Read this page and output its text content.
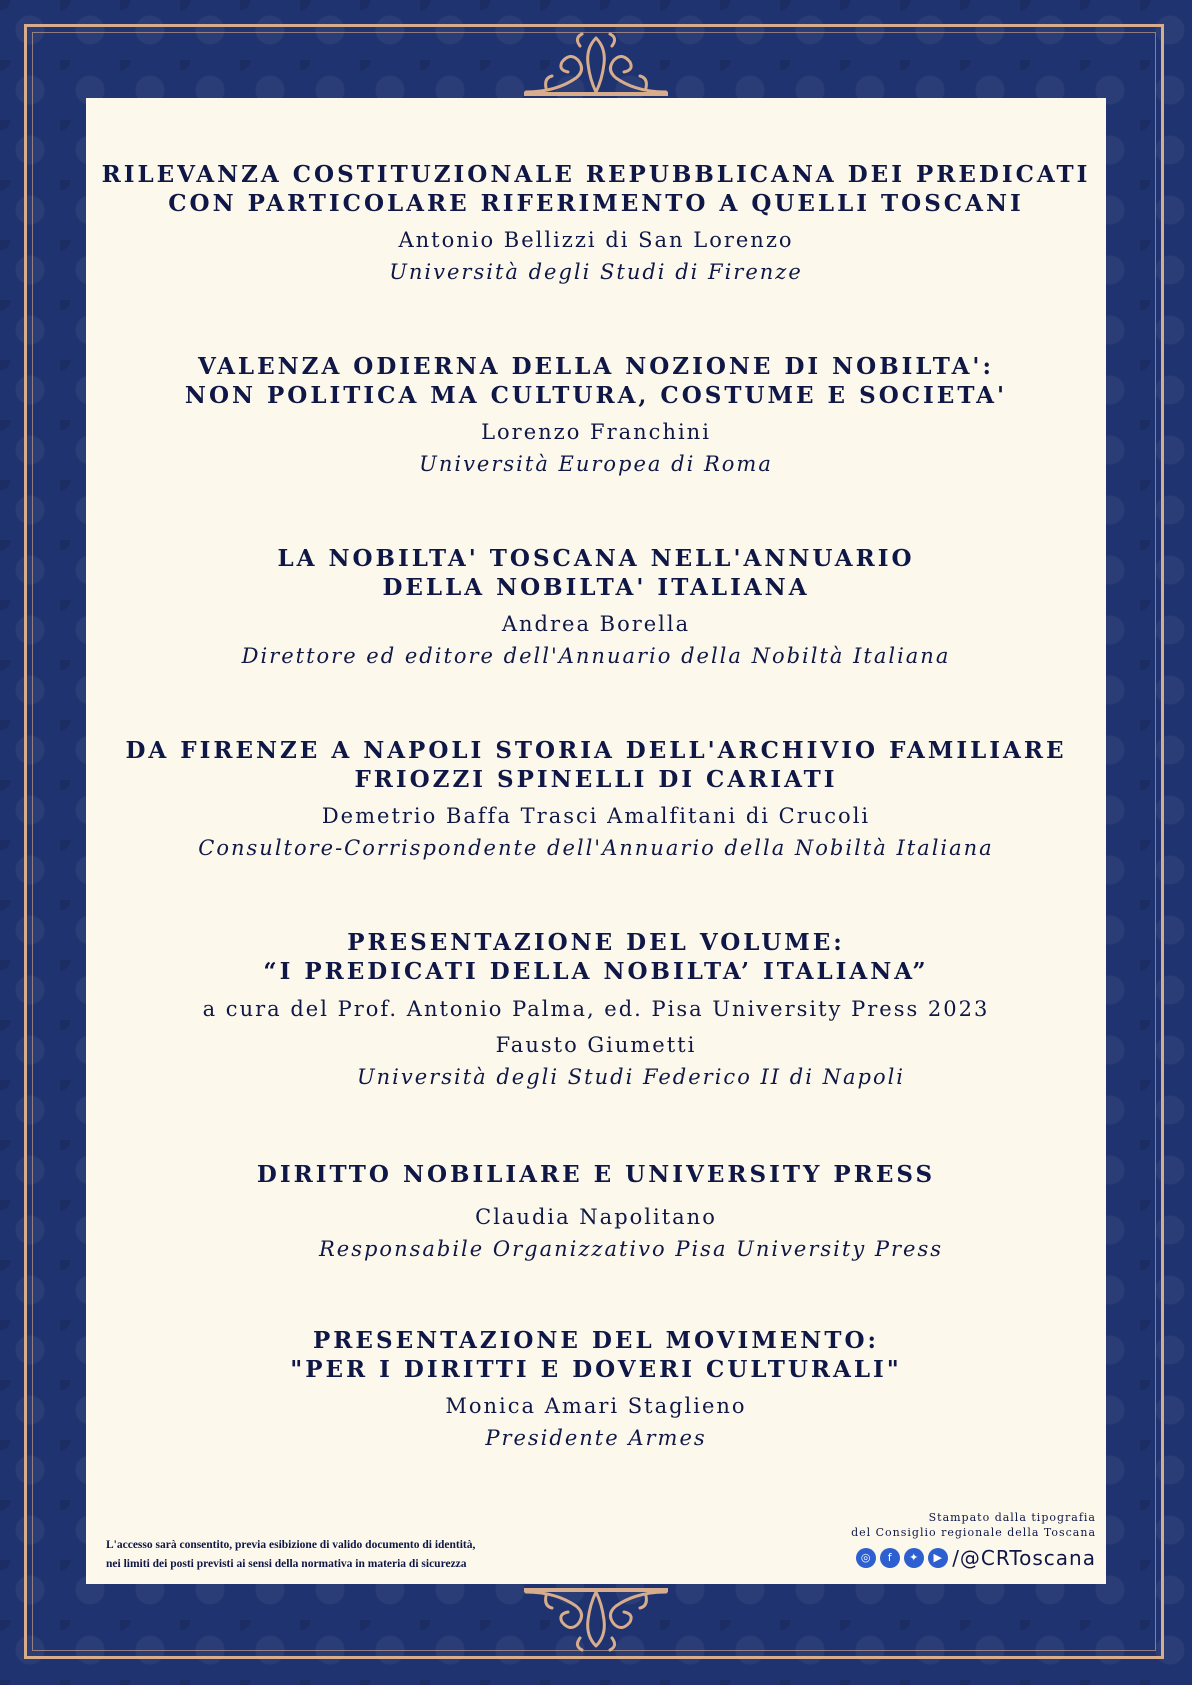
RILEVANZA COSTITUZIONALE REPUBBLICANA DEI PREDICATI
CON PARTICOLARE RIFERIMENTO A QUELLI TOSCANI

Antonio Bellizzi di San Lorenzo
Università degli Studi di Firenze

VALENZA ODIERNA DELLA NOZIONE DI NOBILTA':
NON POLITICA MA CULTURA, COSTUME E SOCIETA'

Lorenzo Franchini
Università Europea di Roma

LA NOBILTA' TOSCANA NELL'ANNUARIO
DELLA NOBILTA' ITALIANA

Andrea Borella
Direttore ed editore dell'Annuario della Nobiltà Italiana

DA FIRENZE A NAPOLI STORIA DELL'ARCHIVIO FAMILIARE
FRIOZZI SPINELLI DI CARIATI

Demetrio Baffa Trasci Amalfitani di Crucoli
Consultore-Corrispondente dell'Annuario della Nobiltà Italiana

PRESENTAZIONE DEL VOLUME:
“I PREDICATI DELLA NOBILTA’ ITALIANA”

a cura del Prof. Antonio Palma, ed. Pisa University Press 2023
Fausto Giumetti
Università degli Studi Federico II di Napoli

DIRITTO NOBILIARE E UNIVERSITY PRESS

Claudia Napolitano
Responsabile Organizzativo Pisa University Press

PRESENTAZIONE DEL MOVIMENTO:
"PER I DIRITTI E DOVERI CULTURALI"

Monica Amari Staglieno
Presidente Armes
L'accesso sarà consentito, previa esibizione di valido documento di identità,
nei limiti dei posti previsti ai sensi della normativa in materia di sicurezza
Stampato dalla tipografia
del Consiglio regionale della Toscana
◎	f	✦	▶ /@CRToscana
